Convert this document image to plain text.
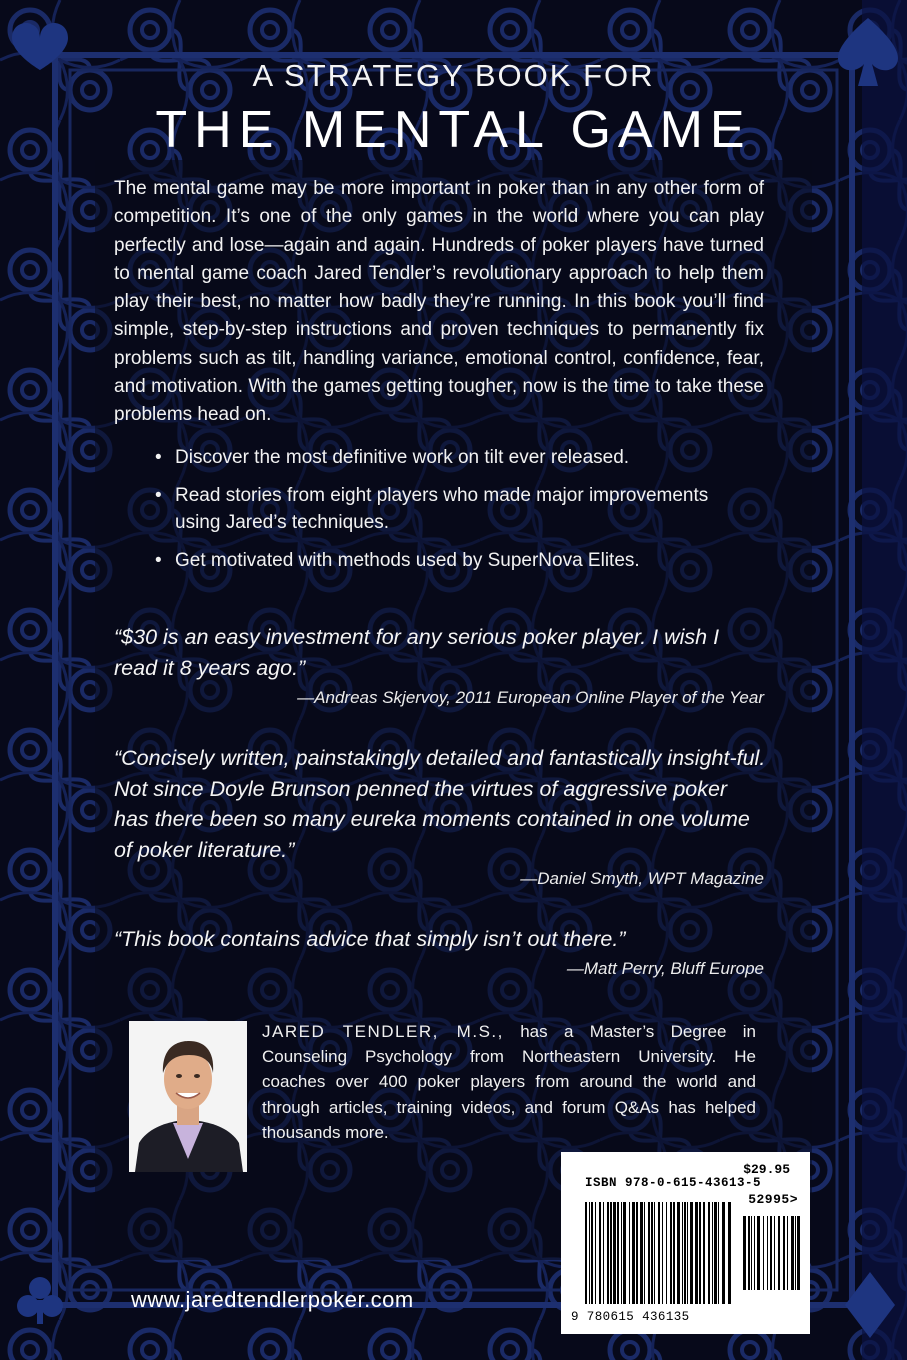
A STRATEGY BOOK FOR
THE MENTAL GAME

The mental game may be more important in poker than in any other form of competition. It’s one of the only games in the world where you can play perfectly and lose—again and again. Hundreds of poker players have turned to mental game coach Jared Tendler’s revolutionary approach to help them play their best, no matter how badly they’re running. In this book you’ll find simple, step-by-step instructions and proven techniques to permanently fix problems such as tilt, handling variance, emotional control, confidence, fear, and motivation. With the games getting tougher, now is the time to take these problems head on.

• Discover the most definitive work on tilt ever released.
• Read stories from eight players who made major improvements using Jared’s techniques.
• Get motivated with methods used by SuperNova Elites.

“$30 is an easy investment for any serious poker player. I wish I read it 8 years ago.”

—Andreas Skjervoy, 2011 European Online Player of the Year

“Concisely written, painstakingly detailed and fantastically insight-ful. Not since Doyle Brunson penned the virtues of aggressive poker has there been so many eureka moments contained in one volume of poker literature.”

—Daniel Smyth, WPT Magazine

“This book contains advice that simply isn’t out there.”

—Matt Perry, Bluff Europe

JARED TENDLER, M.S., has a Master’s Degree in Counseling Psychology from Northeastern University. He coaches over 400 poker players from around the world and through articles, training videos, and forum Q&As has helped thousands more.

$29.95
ISBN 978-0-615-43613-5
52995>
9 780615 436135
www.jaredtendlerpoker.com
